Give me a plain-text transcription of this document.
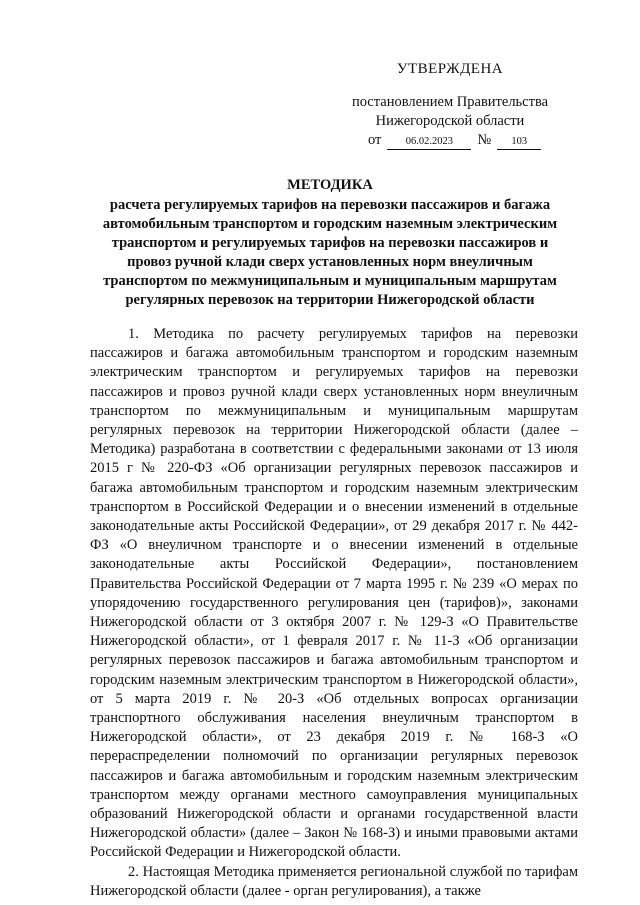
УТВЕРЖДЕНА
постановлением Правительства
Нижегородской области
от	06.02.2023	№	103
МЕТОДИКА
расчета регулируемых тарифов на перевозки пассажиров и багажа автомобильным транспортом и городским наземным электрическим транспортом и регулируемых тарифов на перевозки пассажиров и провоз ручной клади сверх установленных норм внеуличным транспортом по межмуниципальным и муниципальным маршрутам регулярных перевозок на территории Нижегородской области

1. Методика по расчету регулируемых тарифов на перевозки пассажиров и багажа автомобильным транспортом и городским наземным электрическим транспортом и регулируемых тарифов на перевозки пассажиров и провоз ручной клади сверх установленных норм внеуличным транспортом по межмуниципальным и муниципальным маршрутам регулярных перевозок на территории Нижегородской области (далее – Методика) разработана в соответствии с федеральными законами от 13 июля 2015 г № 220-ФЗ «Об организации регулярных перевозок пассажиров и багажа автомобильным транспортом и городским наземным электрическим транспортом в Российской Федерации и о внесении изменений в отдельные законодательные акты Российской Федерации», от 29 декабря 2017 г. № 442-ФЗ «О внеуличном транспорте и о внесении изменений в отдельные законодательные акты Российской Федерации», постановлением Правительства Российской Федерации от 7 марта 1995 г. № 239 «О мерах по упорядочению государственного регулирования цен (тарифов)», законами Нижегородской области от 3 октября 2007 г. № 129-З «О Правительстве Нижегородской области», от 1 февраля 2017 г. № 11-З «Об организации регулярных перевозок пассажиров и багажа автомобильным транспортом и городским наземным электрическим транспортом в Нижегородской области», от 5 марта 2019 г. № 20-З «Об отдельных вопросах организации транспортного обслуживания населения внеуличным транспортом в Нижегородской области», от 23 декабря 2019 г. № 168-З «О перераспределении полномочий по организации регулярных перевозок пассажиров и багажа автомобильным и городским наземным электрическим транспортом между органами местного самоуправления муниципальных образований Нижегородской области и органами государственной власти Нижегородской области» (далее – Закон № 168-З) и иными правовыми актами Российской Федерации и Нижегородской области.

2. Настоящая Методика применяется региональной службой по тарифам Нижегородской области (далее - орган регулирования), а также
